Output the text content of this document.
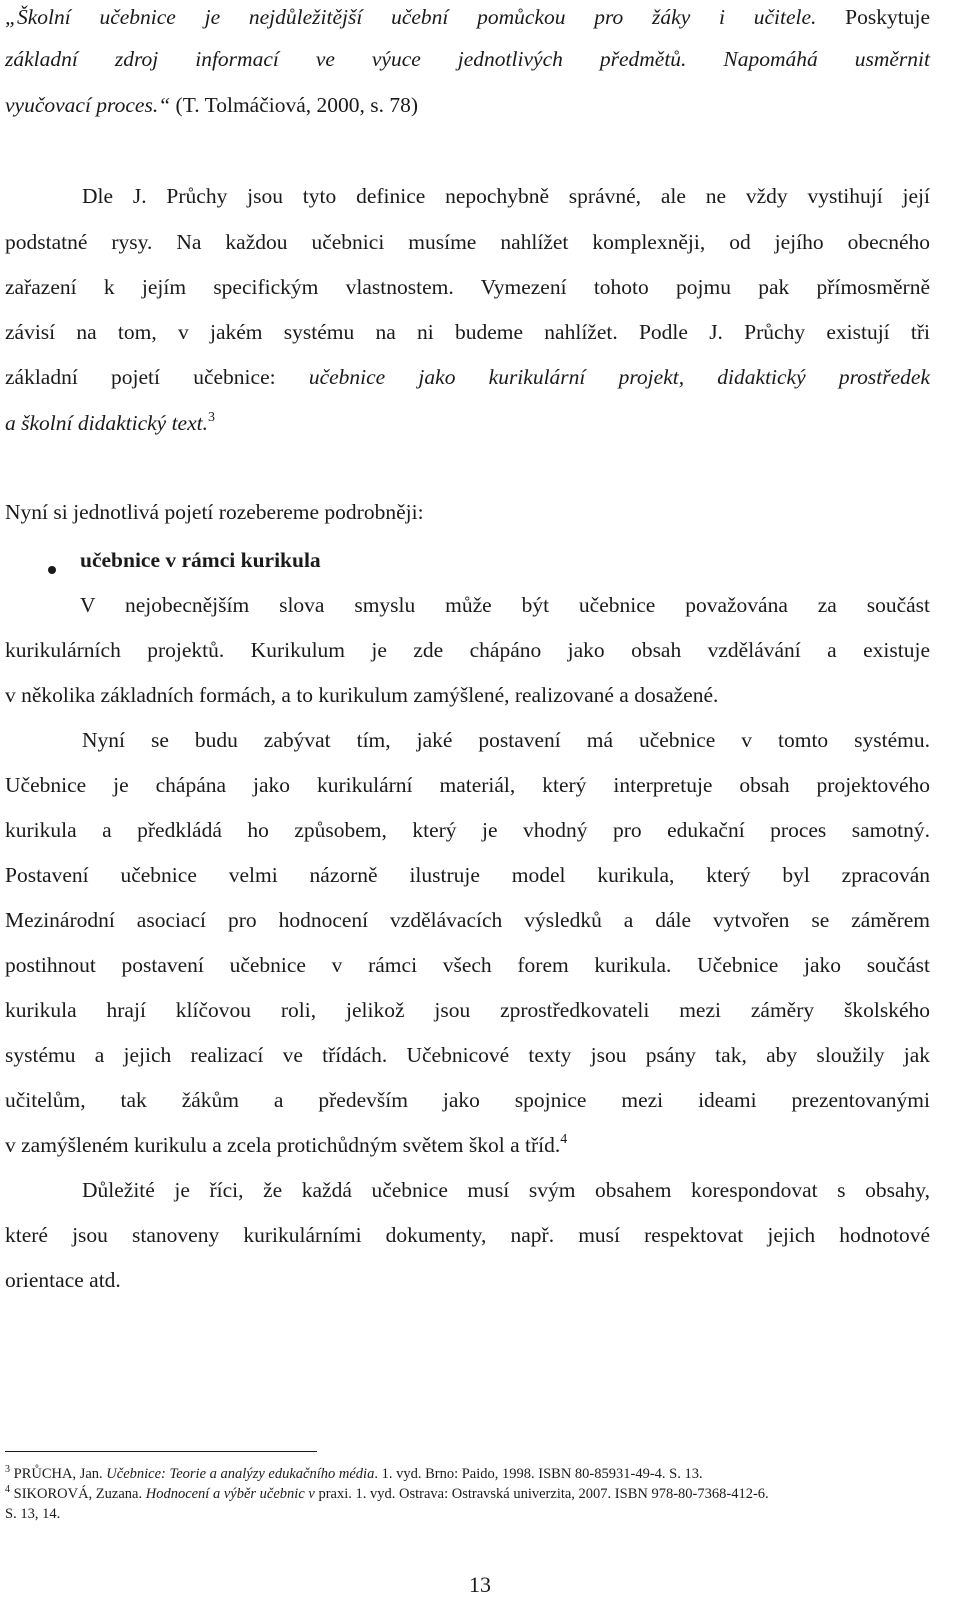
„Školní učebnice je nejdůležitější učební pomůckou pro žáky i učitele. Poskytuje
základní zdroj informací ve výuce jednotlivých předmětů. Napomáhá usměrnit
vyučovací proces.“ (T. Tolmáčiová, 2000, s. 78)
Dle J. Průchy jsou tyto definice nepochybně správné, ale ne vždy vystihují její
podstatné rysy. Na každou učebnici musíme nahlížet komplexněji, od jejího obecného
zařazení k jejím specifickým vlastnostem. Vymezení tohoto pojmu pak přímosměrně
závisí na tom, v jakém systému na ni budeme nahlížet. Podle J. Průchy existují tři
základní pojetí učebnice: učebnice jako kurikulární projekt, didaktický prostředek
a školní didaktický text.$^3$
Nyní si jednotlivá pojetí rozebereme podrobněji:
učebnice v rámci kurikula
V nejobecnějším slova smyslu může být učebnice považována za součást
kurikulárních projektů. Kurikulum je zde chápáno jako obsah vzdělávání a existuje
v několika základních formách, a to kurikulum zamýšlené, realizované a dosažené.
Nyní se budu zabývat tím, jaké postavení má učebnice v tomto systému.
Učebnice je chápána jako kurikulární materiál, který interpretuje obsah projektového
kurikula a předkládá ho způsobem, který je vhodný pro edukační proces samotný.
Postavení učebnice velmi názorně ilustruje model kurikula, který byl zpracován
Mezinárodní asociací pro hodnocení vzdělávacích výsledků a dále vytvořen se záměrem
postihnout postavení učebnice v rámci všech forem kurikula. Učebnice jako součást
kurikula hrají klíčovou roli, jelikož jsou zprostředkovateli mezi záměry školského
systému a jejich realizací ve třídách. Učebnicové texty jsou psány tak, aby sloužily jak
učitelům, tak žákům a především jako spojnice mezi ideami prezentovanými
v zamýšleném kurikulu a zcela protichůdným světem škol a tříd.$^4$
Důležité je říci, že každá učebnice musí svým obsahem korespondovat s obsahy,
které jsou stanoveny kurikulárními dokumenty, např. musí respektovat jejich hodnotové
orientace atd.
$^3$ PRŮCHA, Jan. Učebnice: Teorie a analýzy edukačního média. 1. vyd. Brno: Paido, 1998. ISBN 80-85931-49-4. S. 13.
$^4$ SIKOROVÁ, Zuzana. Hodnocení a výběr učebnic v praxi. 1. vyd. Ostrava: Ostravská univerzita, 2007. ISBN 978-80-7368-412-6.
S. 13, 14.
13
